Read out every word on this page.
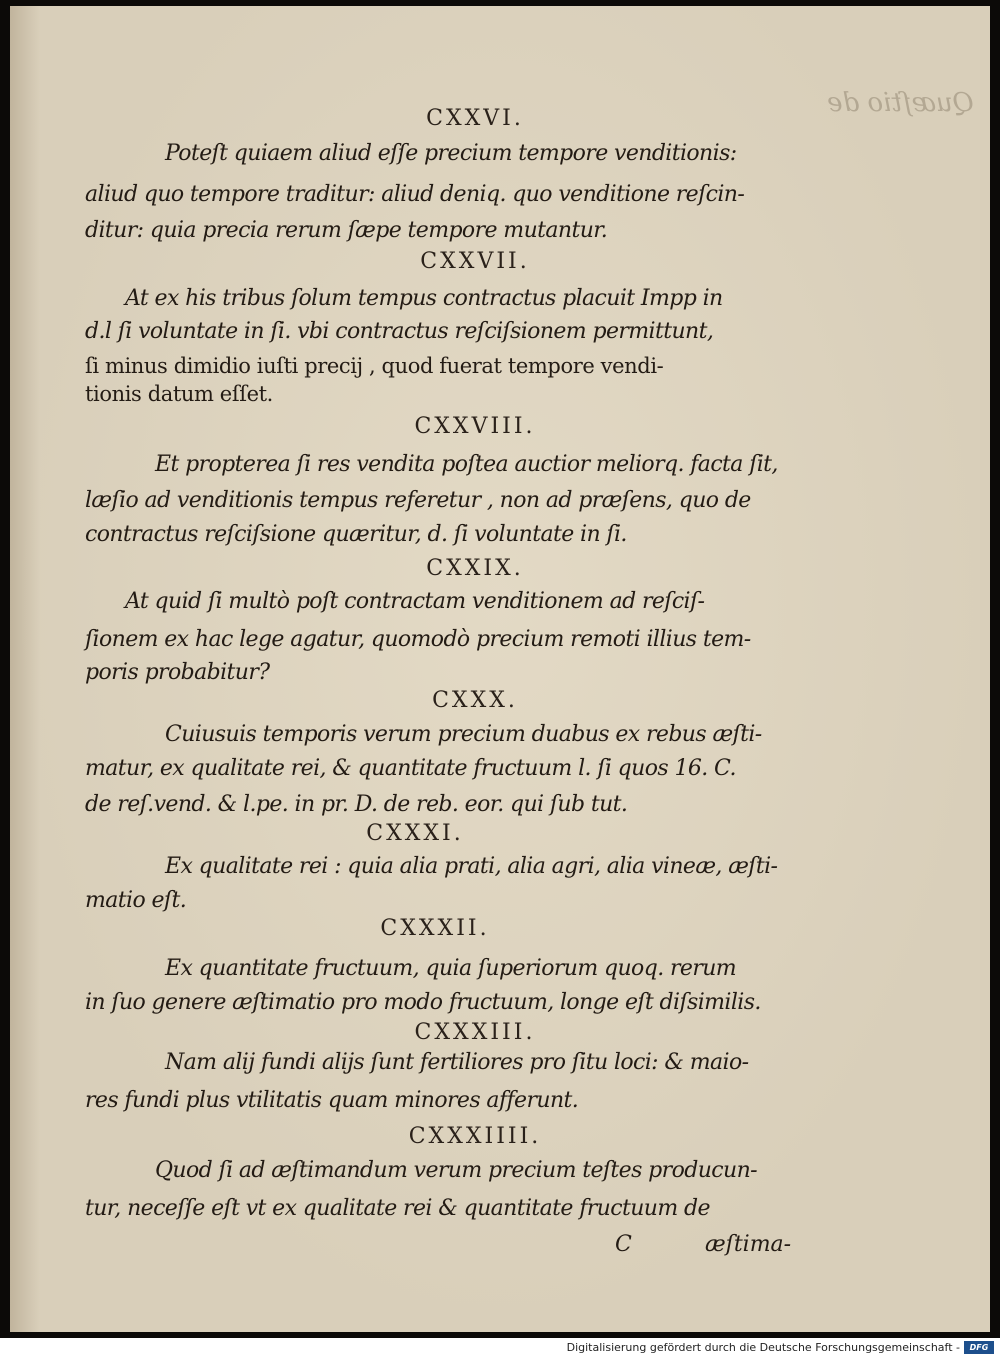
Quæſtio de
CXXVI.
Poteſt quiaem aliud eſſe precium tempore venditionis:
aliud quo tempore traditur: aliud deniq. quo venditione reſcin-
ditur: quia precia rerum ſæpe tempore mutantur.
CXXVII.
At ex his tribus ſolum tempus contractus placuit Impp in
d.l ſi voluntate in ſi. vbi contractus reſciſsionem permittunt,
ſi minus dimidio iuſti precij , quod fuerat tempore vendi-
tionis datum eſſet.
CXXVIII.
Et propterea ſi res vendita poſtea auctior meliorq. facta ſit,
læſio ad venditionis tempus referetur , non ad præſens, quo de
contractus reſciſsione quæritur, d. ſi voluntate in ſi.
CXXIX.
At quid ſi multò poſt contractam venditionem ad reſciſ-
ſionem ex hac lege agatur, quomodò precium remoti illius tem-
poris probabitur?
CXXX.
Cuiusuis temporis verum precium duabus ex rebus æſti-
matur, ex qualitate rei, & quantitate fructuum l. ſi quos 16. C.
de reſ.vend. & l.pe. in pr. D. de reb. eor. qui ſub tut.
CXXXI.
Ex qualitate rei : quia alia prati, alia agri, alia vineæ, æſti-
matio eſt.
CXXXII.
Ex quantitate fructuum, quia ſuperiorum quoq. rerum
in ſuo genere æſtimatio pro modo fructuum, longe eſt diſsimilis.
CXXXIII.
Nam alij fundi alijs ſunt fertiliores pro ſitu loci: & maio-
res fundi plus vtilitatis quam minores afferunt.
CXXXIIII.
Quod ſi ad æſtimandum verum precium teſtes producun-
tur, neceſſe eſt vt ex qualitate rei & quantitate fructuum de
C	æſtima-
Digitalisierung gefördert durch die Deutsche Forschungsgemeinschaft -	DFG
